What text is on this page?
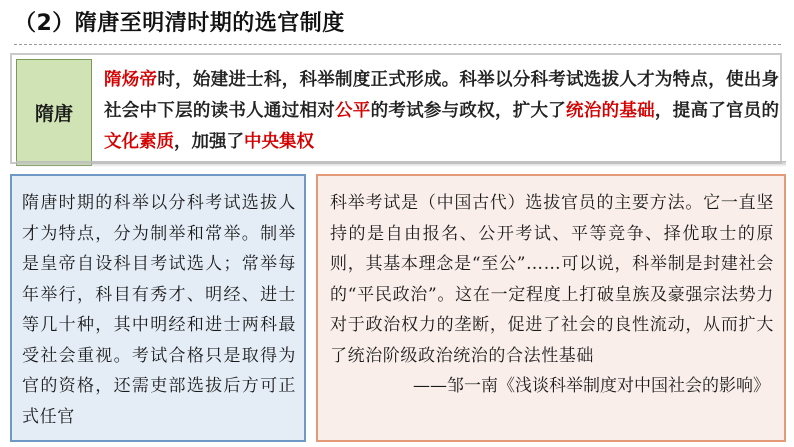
（2）隋唐至明清时期的选官制度
隋唐
隋炀帝时，始建进士科，科举制度正式形成。科举以分科考试选拔人才为特点，使出身社会中下层的读书人通过相对公平的考试参与政权，扩大了统治的基础，提高了官员的文化素质，加强了中央集权
隋唐时期的科举以分科考试选拔人才为特点，分为制举和常举。制举是皇帝自设科目考试选人；常举每年举行，科目有秀才、明经、进士等几十种，其中明经和进士两科最受社会重视。考试合格只是取得为官的资格，还需吏部选拔后方可正式任官
科举考试是（中国古代）选拔官员的主要方法。它一直坚持的是自由报名、公开考试、平等竞争、择优取士的原则，其基本理念是“至公”……可以说，科举制是封建社会的“平民政治”。这在一定程度上打破皇族及豪强宗法势力对于政治权力的垄断，促进了社会的良性流动，从而扩大了统治阶级政治统治的合法性基础
——邹一南《浅谈科举制度对中国社会的影响》
